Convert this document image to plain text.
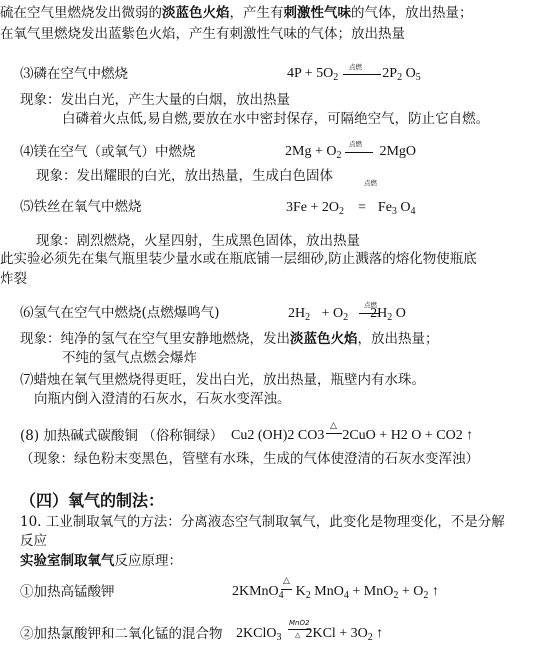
硫在空气里燃烧发出微弱的淡蓝色火焰，产生有刺激性气味的气体，放出热量；
在氧气里燃烧发出蓝紫色火焰，产生有刺激性气味的气体；放出热量
⑶磷在空气中燃烧	$4P + 5O_2$	$2P_2$ $O_5$
点燃
现象：发出白光，产生大量的白烟，放出热量
白磷着火点低,易自燃,要放在水中密封保存，可隔绝空气，防止它自燃。
⑷镁在空气（或氧气）中燃烧	$2Mg + O_2$	2MgO
点燃
现象：发出耀眼的白光，放出热量，生成白色固体	点燃
⑸铁丝在氧气中燃烧	$3Fe + 2O_2 = Fe_3$ $O_4$
现象：剧烈燃烧，火星四射，生成黑色固体，放出热量
此实验必须先在集气瓶里装少量水或在瓶底铺一层细砂,防止溅落的熔化物使瓶底
炸裂
⑹氢气在空气中燃烧(点燃爆鸣气)	$2H_2 + O_2$ $2H_2$ O
点燃
现象：纯净的氢气在空气里安静地燃烧，发出淡蓝色火焰，放出热量；
不纯的氢气点燃会爆炸
⑺蜡烛在氧气里燃烧得更旺，发出白光，放出热量，瓶壁内有水珠。
向瓶内倒入澄清的石灰水，石灰水变浑浊。
(8) 加热碱式碳酸铜 （俗称铜绿） Cu2 (OH)2 CO3 2CuO + H2 O + CO2 ↑
△
（现象：绿色粉末变黑色，管壁有水珠，生成的气体使澄清的石灰水变浑浊）
（四）氧气的制法：
10. 工业制取氧气的方法：分离液态空气制取氧气，此变化是物理变化，不是分解
反应
实验室制取氧气反应原理：
①加热高锰酸钾	2KMnO$_4$ $K_2$ $MnO_4 + MnO_2 + O_2$ ↑
△
②加热氯酸钾和二氧化锰的混合物 2KClO$_3$ $2KCl + 3O_2$ ↑
MnO2
△
